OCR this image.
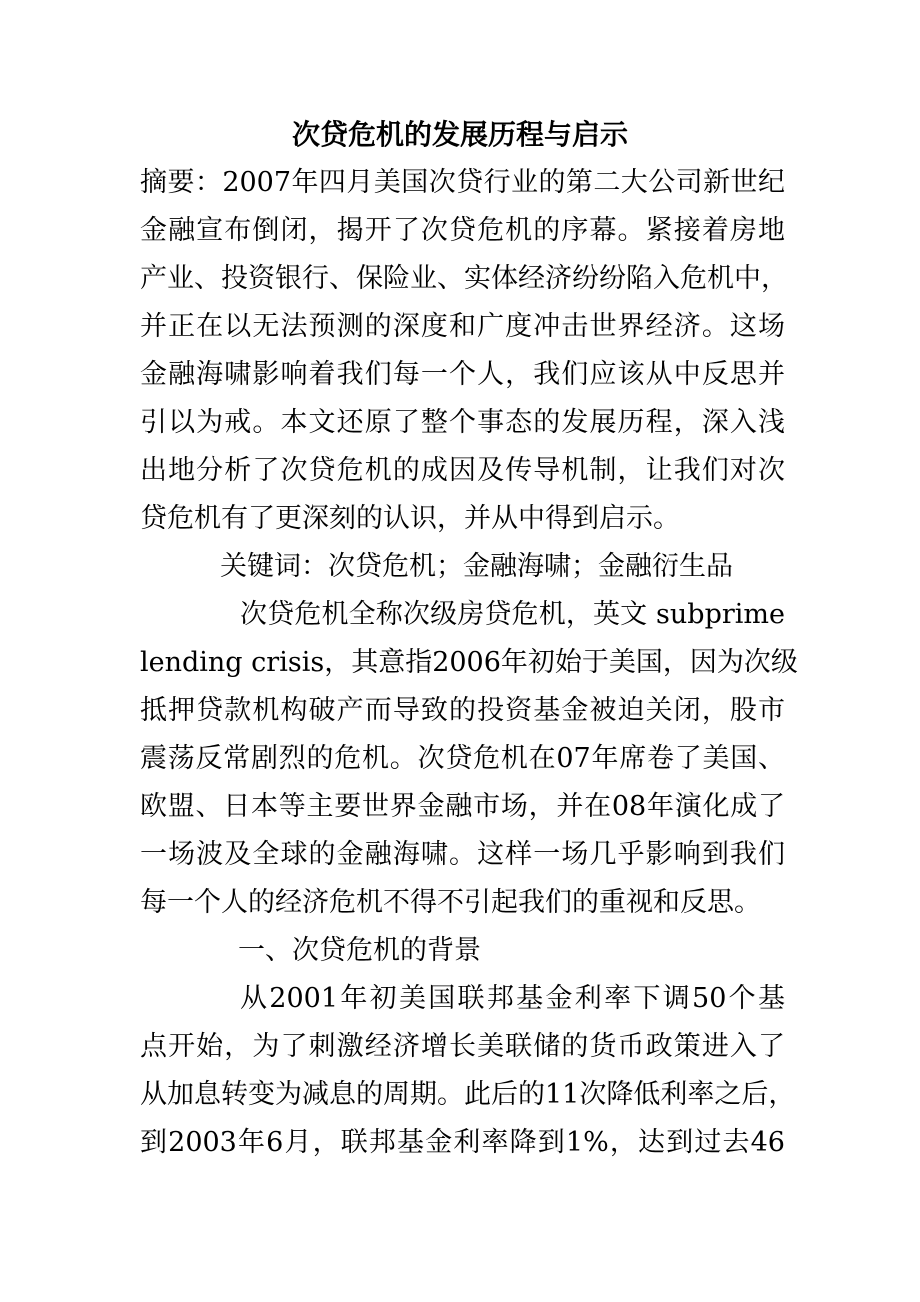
次贷危机的发展历程与启示
摘要：2007年四月美国次贷行业的第二大公司新世纪
金融宣布倒闭，揭开了次贷危机的序幕。紧接着房地
产业、投资银行、保险业、实体经济纷纷陷入危机中，
并正在以无法预测的深度和广度冲击世界经济。这场
金融海啸影响着我们每一个人，我们应该从中反思并
引以为戒。本文还原了整个事态的发展历程，深入浅
出地分析了次贷危机的成因及传导机制，让我们对次
贷危机有了更深刻的认识，并从中得到启示。
关键词：次贷危机；金融海啸；金融衍生品
次贷危机全称次级房贷危机，英文 subprime
lending crisis，其意指2006年初始于美国，因为次级
抵押贷款机构破产而导致的投资基金被迫关闭，股市
震荡反常剧烈的危机。次贷危机在07年席卷了美国、
欧盟、日本等主要世界金融市场，并在08年演化成了
一场波及全球的金融海啸。这样一场几乎影响到我们
每一个人的经济危机不得不引起我们的重视和反思。
一、次贷危机的背景
从2001年初美国联邦基金利率下调50个基
点开始，为了刺激经济增长美联储的货币政策进入了
从加息转变为减息的周期。此后的11次降低利率之后，
到2003年6月，联邦基金利率降到1%，达到过去46
